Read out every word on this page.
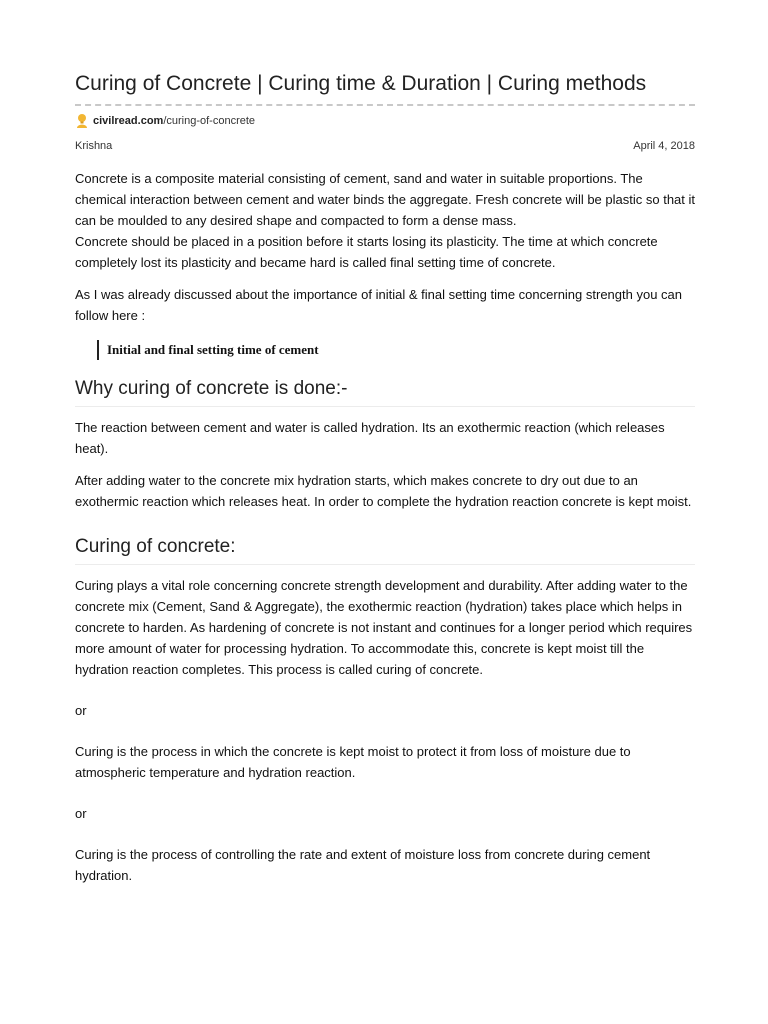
Curing of Concrete | Curing time & Duration | Curing methods
civilread.com /curing-of-concrete
Krishna	April 4, 2018

Concrete is a composite material consisting of cement, sand and water in suitable proportions. The chemical interaction between cement and water binds the aggregate. Fresh concrete will be plastic so that it can be moulded to any desired shape and compacted to form a dense mass.

Concrete should be placed in a position before it starts losing its plasticity. The time at which concrete completely lost its plasticity and became hard is called final setting time of concrete.

As I was already discussed about the importance of initial & final setting time concerning strength you can follow here :

Initial and final setting time of cement
Why curing of concrete is done:-

The reaction between cement and water is called hydration. Its an exothermic reaction (which releases heat).

After adding water to the concrete mix hydration starts, which makes concrete to dry out due to an exothermic reaction which releases heat. In order to complete the hydration reaction concrete is kept moist.

Curing of concrete:

Curing plays a vital role concerning concrete strength development and durability. After adding water to the concrete mix (Cement, Sand & Aggregate), the exothermic reaction (hydration) takes place which helps in concrete to harden. As hardening of concrete is not instant and continues for a longer period which requires more amount of water for processing hydration. To accommodate this, concrete is kept moist till the hydration reaction completes. This process is called curing of concrete.

or

Curing is the process in which the concrete is kept moist to protect it from loss of moisture due to atmospheric temperature and hydration reaction.

or

Curing is the process of controlling the rate and extent of moisture loss from concrete during cement hydration.
